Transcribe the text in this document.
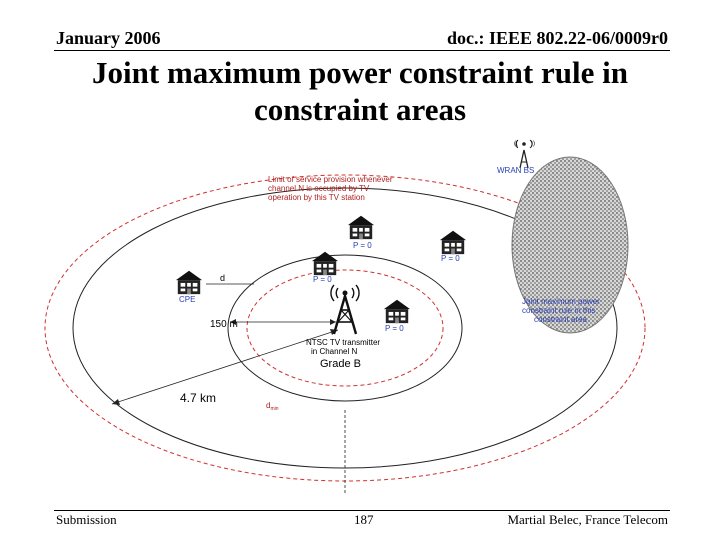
January 2006	doc.: IEEE 802.22-06/0009r0
Joint maximum power constraint rule in
constraint areas
(( ))
WRAN BS
Limit of service provision whenever
channel N is occupied by TV
operation by this TV station
P = 0
P = 0
P = 0
P = 0
CPE
d
150 m
4.7 km
$d_{min}$
NTSC TV transmitter
in Channel N
Grade B
Joint maximum power
constraint rule in this
constraint area
Submission	187	Martial Belec, France Telecom
